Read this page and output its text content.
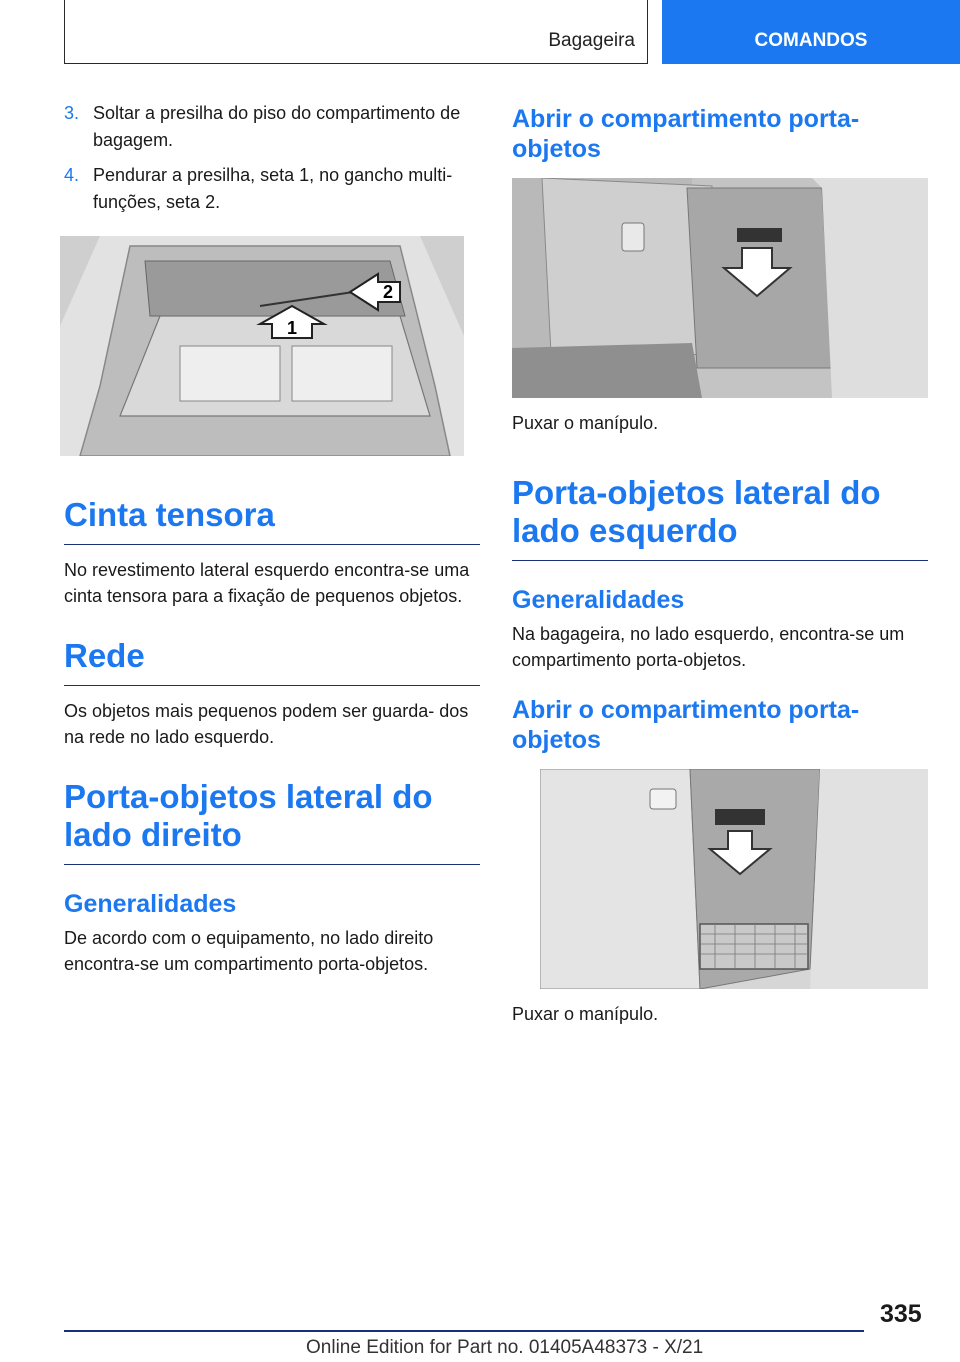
Bagageira	COMANDOS
3. Soltar a presilha do piso do compartimento de bagagem.
4. Pendurar a presilha, seta 1, no gancho multi‐ funções, seta 2.
1
2
Cinta tensora

No revestimento lateral esquerdo encontra‐se uma cinta tensora para a fixação de pequenos objetos.

Rede

Os objetos mais pequenos podem ser guarda‐ dos na rede no lado esquerdo.

Porta-objetos lateral do lado direito
Generalidades

De acordo com o equipamento, no lado direito encontra‐se um compartimento porta‐objetos.

Abrir o compartimento porta‐ objetos
Puxar o manípulo.
Porta-objetos lateral do lado esquerdo
Generalidades

Na bagageira, no lado esquerdo, encontra‐se um compartimento porta‐objetos.

Abrir o compartimento porta‐ objetos
Puxar o manípulo.
335
Online Edition for Part no. 01405A48373 - X/21
